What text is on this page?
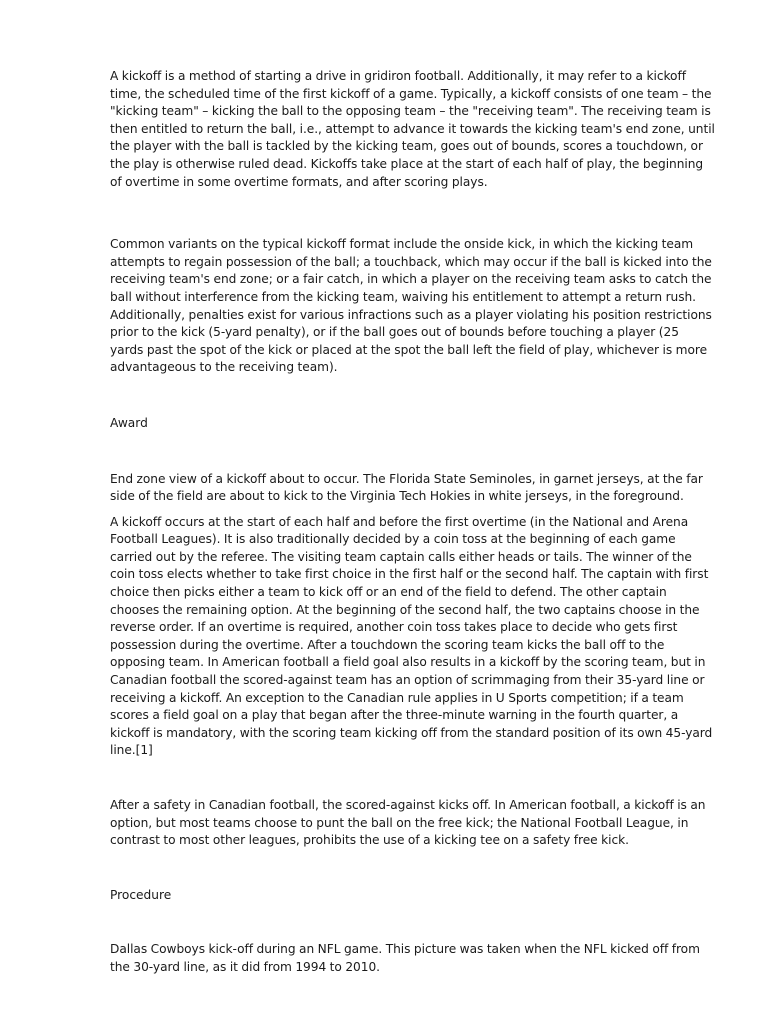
A kickoff is a method of starting a drive in gridiron football. Additionally, it may refer to a kickoff time, the scheduled time of the first kickoff of a game. Typically, a kickoff consists of one team – the "kicking team" – kicking the ball to the opposing team – the "receiving team". The receiving team is then entitled to return the ball, i.e., attempt to advance it towards the kicking team's end zone, until the player with the ball is tackled by the kicking team, goes out of bounds, scores a touchdown, or the play is otherwise ruled dead. Kickoffs take place at the start of each half of play, the beginning of overtime in some overtime formats, and after scoring plays.

Common variants on the typical kickoff format include the onside kick, in which the kicking team attempts to regain possession of the ball; a touchback, which may occur if the ball is kicked into the receiving team's end zone; or a fair catch, in which a player on the receiving team asks to catch the ball without interference from the kicking team, waiving his entitlement to attempt a return rush. Additionally, penalties exist for various infractions such as a player violating his position restrictions prior to the kick (5-yard penalty), or if the ball goes out of bounds before touching a player (25 yards past the spot of the kick or placed at the spot the ball left the field of play, whichever is more advantageous to the receiving team).

Award

End zone view of a kickoff about to occur. The Florida State Seminoles, in garnet jerseys, at the far side of the field are about to kick to the Virginia Tech Hokies in white jerseys, in the foreground.

A kickoff occurs at the start of each half and before the first overtime (in the National and Arena Football Leagues). It is also traditionally decided by a coin toss at the beginning of each game carried out by the referee. The visiting team captain calls either heads or tails. The winner of the coin toss elects whether to take first choice in the first half or the second half. The captain with first choice then picks either a team to kick off or an end of the field to defend. The other captain chooses the remaining option. At the beginning of the second half, the two captains choose in the reverse order. If an overtime is required, another coin toss takes place to decide who gets first possession during the overtime. After a touchdown the scoring team kicks the ball off to the opposing team. In American football a field goal also results in a kickoff by the scoring team, but in Canadian football the scored-against team has an option of scrimmaging from their 35-yard line or receiving a kickoff. An exception to the Canadian rule applies in U Sports competition; if a team scores a field goal on a play that began after the three-minute warning in the fourth quarter, a kickoff is mandatory, with the scoring team kicking off from the standard position of its own 45-yard line.[1]

After a safety in Canadian football, the scored-against kicks off. In American football, a kickoff is an option, but most teams choose to punt the ball on the free kick; the National Football League, in contrast to most other leagues, prohibits the use of a kicking tee on a safety free kick.

Procedure

Dallas Cowboys kick-off during an NFL game. This picture was taken when the NFL kicked off from the 30-yard line, as it did from 1994 to 2010.
